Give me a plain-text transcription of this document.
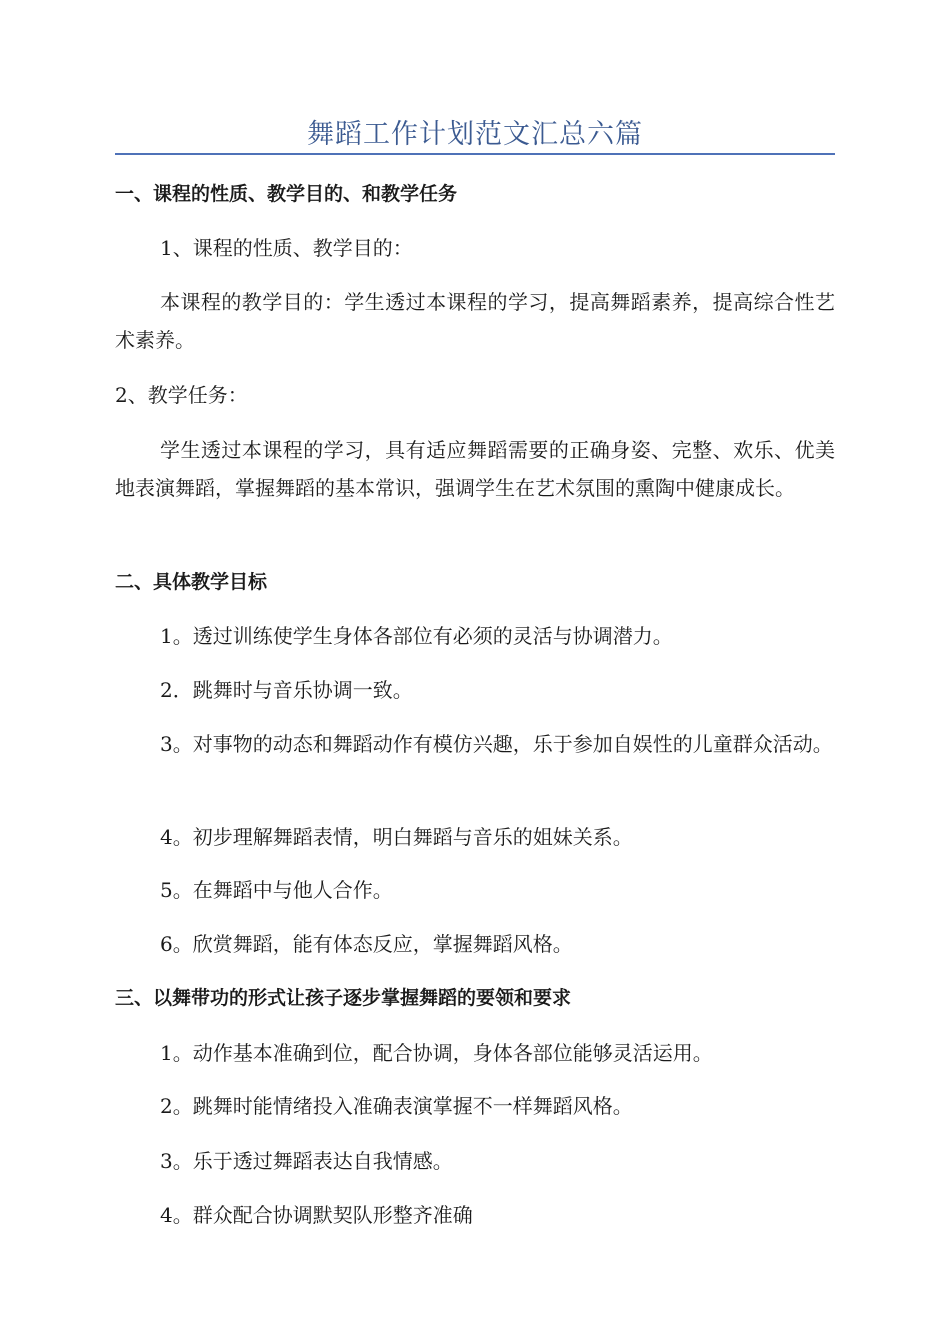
舞蹈工作计划范文汇总六篇

一、课程的性质、教学目的、和教学任务

1、课程的性质、教学目的：

本课程的教学目的：学生透过本课程的学习，提高舞蹈素养，提高综合性艺术素养。

2、教学任务：

学生透过本课程的学习，具有适应舞蹈需要的正确身姿、完整、欢乐、优美地表演舞蹈，掌握舞蹈的基本常识，强调学生在艺术氛围的熏陶中健康成长。

二、具体教学目标

1。透过训练使学生身体各部位有必须的灵活与协调潜力。

2．跳舞时与音乐协调一致。

3。对事物的动态和舞蹈动作有模仿兴趣，乐于参加自娱性的儿童群众活动。

4。初步理解舞蹈表情，明白舞蹈与音乐的姐妹关系。

5。在舞蹈中与他人合作。

6。欣赏舞蹈，能有体态反应，掌握舞蹈风格。

三、以舞带功的形式让孩子逐步掌握舞蹈的要领和要求

1。动作基本准确到位，配合协调，身体各部位能够灵活运用。

2。跳舞时能情绪投入准确表演掌握不一样舞蹈风格。

3。乐于透过舞蹈表达自我情感。

4。群众配合协调默契队形整齐准确
